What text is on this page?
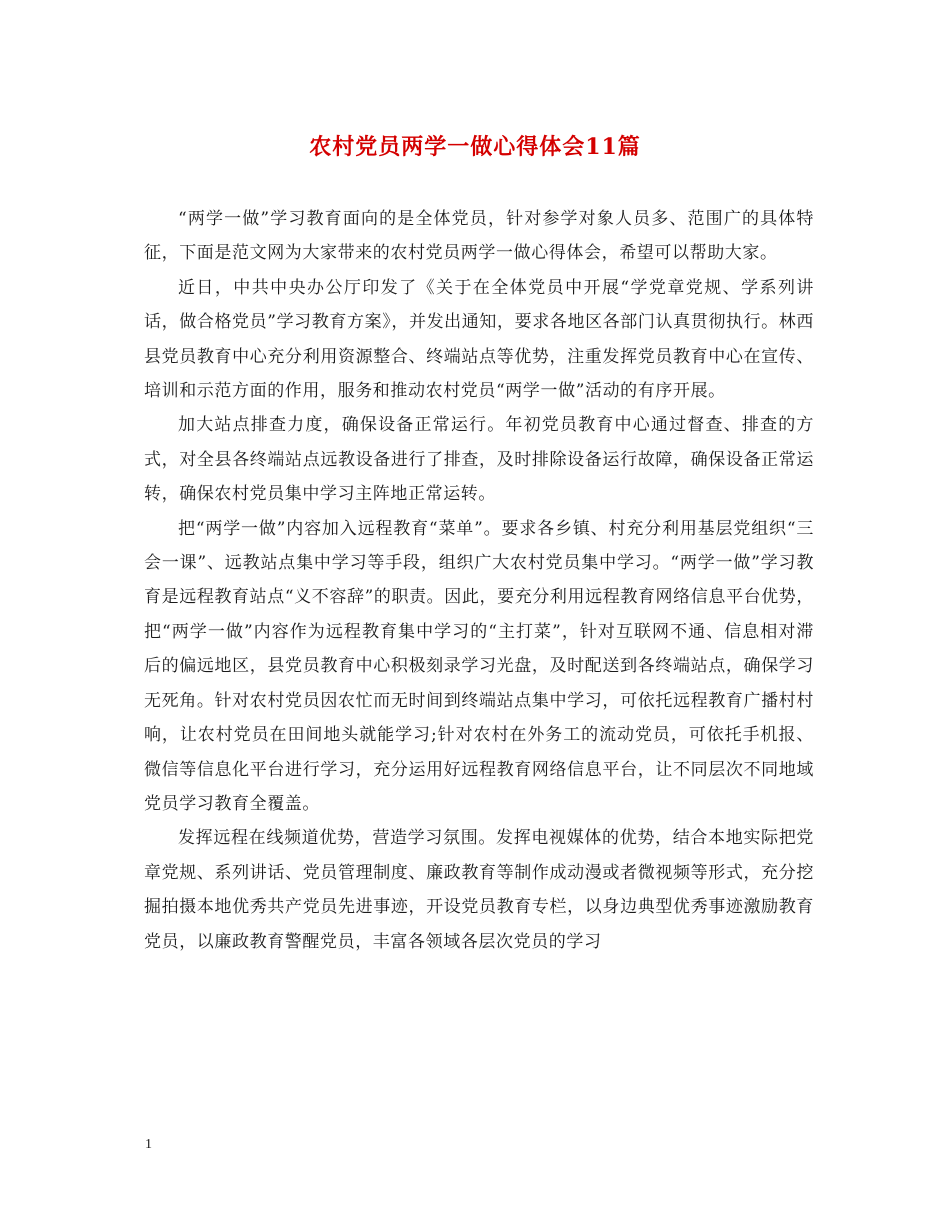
农村党员两学一做心得体会11篇

“两学一做”学习教育面向的是全体党员，针对参学对象人员多、范围广的具体特征，下面是范文网为大家带来的农村党员两学一做心得体会，希望可以帮助大家。

近日，中共中央办公厅印发了《关于在全体党员中开展“学党章党规、学系列讲话，做合格党员”学习教育方案》，并发出通知，要求各地区各部门认真贯彻执行。林西县党员教育中心充分利用资源整合、终端站点等优势，注重发挥党员教育中心在宣传、培训和示范方面的作用，服务和推动农村党员“两学一做”活动的有序开展。

加大站点排查力度，确保设备正常运行。年初党员教育中心通过督查、排查的方式，对全县各终端站点远教设备进行了排查，及时排除设备运行故障，确保设备正常运转，确保农村党员集中学习主阵地正常运转。

把“两学一做”内容加入远程教育“菜单”。要求各乡镇、村充分利用基层党组织“三会一课”、远教站点集中学习等手段，组织广大农村党员集中学习。“两学一做”学习教育是远程教育站点“义不容辞”的职责。因此，要充分利用远程教育网络信息平台优势，把“两学一做”内容作为远程教育集中学习的“主打菜”，针对互联网不通、信息相对滞后的偏远地区，县党员教育中心积极刻录学习光盘，及时配送到各终端站点，确保学习无死角。针对农村党员因农忙而无时间到终端站点集中学习，可依托远程教育广播村村响，让农村党员在田间地头就能学习;针对农村在外务工的流动党员，可依托手机报、微信等信息化平台进行学习，充分运用好远程教育网络信息平台，让不同层次不同地域党员学习教育全覆盖。

发挥远程在线频道优势，营造学习氛围。发挥电视媒体的优势，结合本地实际把党章党规、系列讲话、党员管理制度、廉政教育等制作成动漫或者微视频等形式，充分挖掘拍摄本地优秀共产党员先进事迹，开设党员教育专栏，以身边典型优秀事迹激励教育党员，以廉政教育警醒党员，丰富各领域各层次党员的学习

1
